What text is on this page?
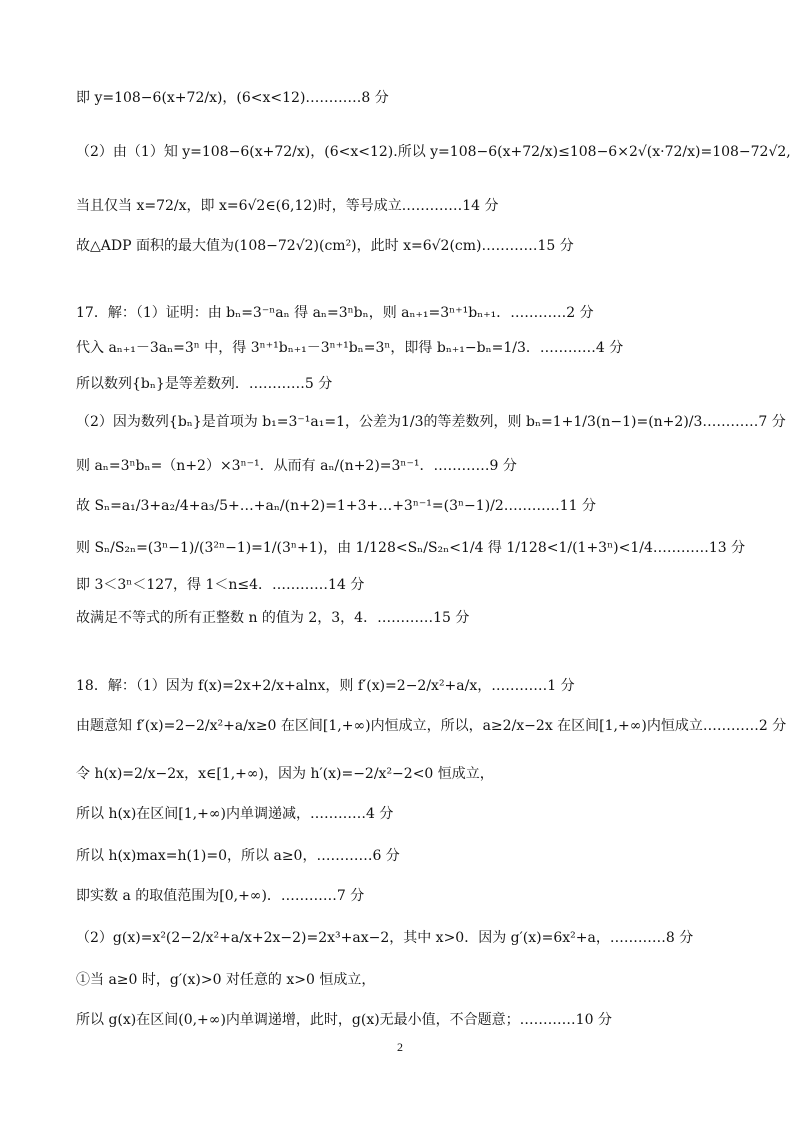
即 y=108−6(x+72/x)，(6<x<12)…………8 分
（2）由（1）知 y=108−6(x+72/x)，(6<x<12).所以 y=108−6(x+72/x)≤108−6×2√(x·72/x)=108−72√2,
当且仅当 x=72/x，即 x=6√2∈(6,12)时，等号成立.…………14 分
故△ADP 面积的最大值为(108−72√2)(cm²)，此时 x=6√2(cm)…………15 分
17．解：（1）证明：由 bₙ=3⁻ⁿaₙ 得 aₙ=3ⁿbₙ，则 aₙ₊₁=3ⁿ⁺¹bₙ₊₁．…………2 分
代入 aₙ₊₁－3aₙ=3ⁿ 中，得 3ⁿ⁺¹bₙ₊₁－3ⁿ⁺¹bₙ=3ⁿ，即得 bₙ₊₁−bₙ=1/3．…………4 分
所以数列{bₙ}是等差数列．…………5 分
（2）因为数列{bₙ}是首项为 b₁=3⁻¹a₁=1，公差为1/3的等差数列，则 bₙ=1+1/3(n−1)=(n+2)/3…………7 分
则 aₙ=3ⁿbₙ=（n+2）×3ⁿ⁻¹．从而有 aₙ/(n+2)=3ⁿ⁻¹．…………9 分
故 Sₙ=a₁/3+a₂/4+a₃/5+…+aₙ/(n+2)=1+3+…+3ⁿ⁻¹=(3ⁿ−1)/2…………11 分
则 Sₙ/S₂ₙ=(3ⁿ−1)/(3²ⁿ−1)=1/(3ⁿ+1)，由 1/128<Sₙ/S₂ₙ<1/4 得 1/128<1/(1+3ⁿ)<1/4…………13 分
即 3＜3ⁿ＜127，得 1＜n≤4．…………14 分
故满足不等式的所有正整数 n 的值为 2，3，4．…………15 分
18．解：（1）因为 f(x)=2x+2/x+alnx，则 f′(x)=2−2/x²+a/x，…………1 分
由题意知 f′(x)=2−2/x²+a/x≥0 在区间[1,+∞)内恒成立，所以，a≥2/x−2x 在区间[1,+∞)内恒成立…………2 分
令 h(x)=2/x−2x，x∈[1,+∞)，因为 h′(x)=−2/x²−2<0 恒成立，
所以 h(x)在区间[1,+∞)内单调递减，…………4 分
所以 h(x)max=h(1)=0，所以 a≥0，…………6 分
即实数 a 的取值范围为[0,+∞)．…………7 分
（2）g(x)=x²(2−2/x²+a/x+2x−2)=2x³+ax−2，其中 x>0．因为 g′(x)=6x²+a，…………8 分
①当 a≥0 时，g′(x)>0 对任意的 x>0 恒成立，
所以 g(x)在区间(0,+∞)内单调递增，此时，g(x)无最小值，不合题意；…………10 分
2
